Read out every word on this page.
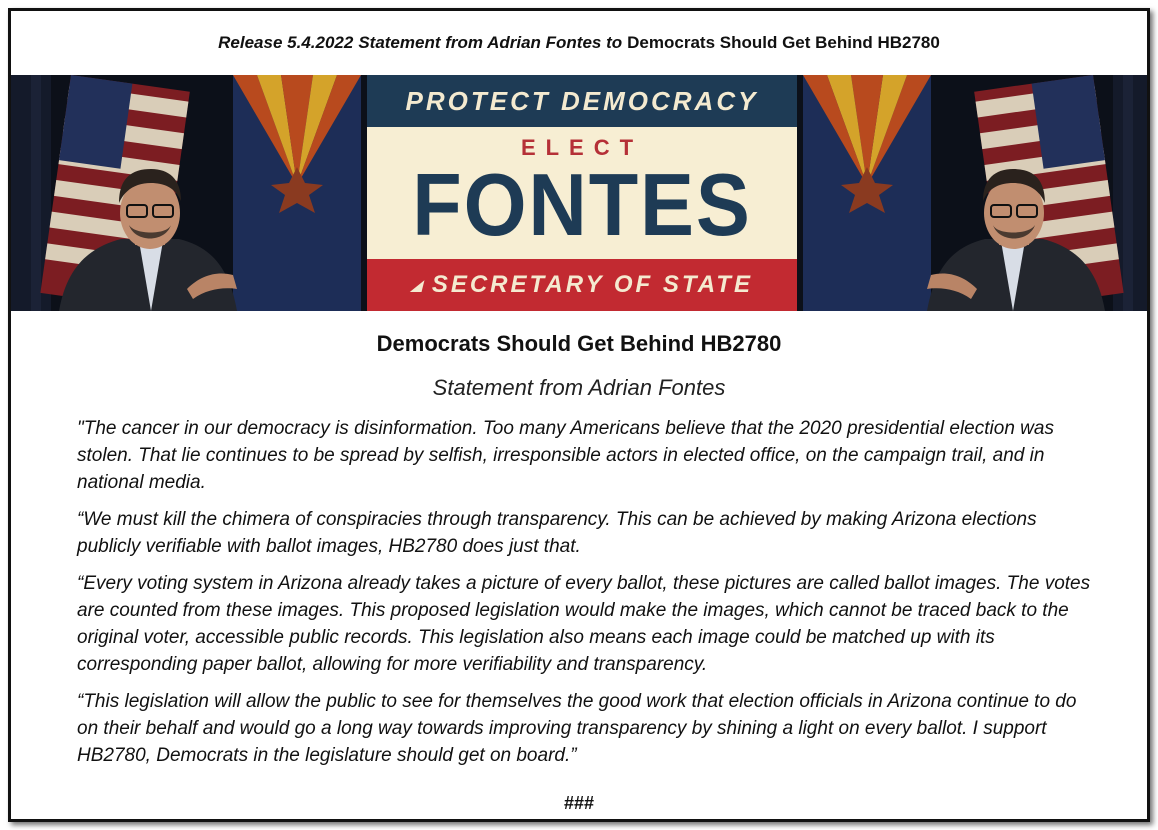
Release 5.4.2022 Statement from Adrian Fontes to Democrats Should Get Behind HB2780
PROTECT DEMOCRACY
ELECT
FONTES
◢ SECRETARY OF STATE
Democrats Should Get Behind HB2780
Statement from Adrian Fontes

"The cancer in our democracy is disinformation. Too many Americans believe that the 2020 presidential election was stolen. That lie continues to be spread by selfish, irresponsible actors in elected office, on the campaign trail, and in national media.

“We must kill the chimera of conspiracies through transparency. This can be achieved by making Arizona elections publicly verifiable with ballot images, HB2780 does just that.

“Every voting system in Arizona already takes a picture of every ballot, these pictures are called ballot images. The votes are counted from these images. This proposed legislation would make the images, which cannot be traced back to the original voter, accessible public records. This legislation also means each image could be matched up with its corresponding paper ballot, allowing for more verifiability and transparency.

“This legislation will allow the public to see for themselves the good work that election officials in Arizona continue to do on their behalf and would go a long way towards improving transparency by shining a light on every ballot. I support HB2780, Democrats in the legislature should get on board.”

###
